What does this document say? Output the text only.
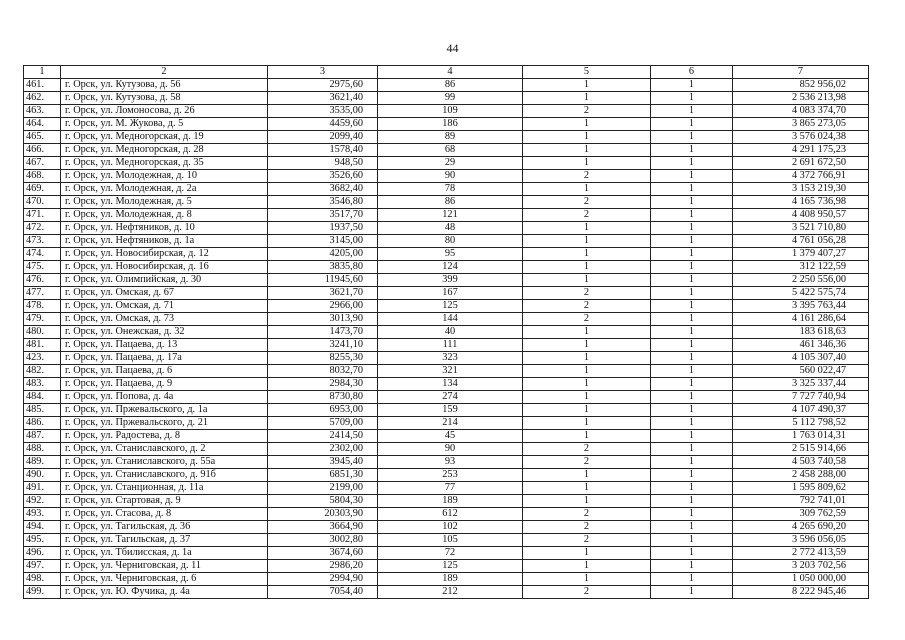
44
1	2	3	4	5	6	7
461.	г. Орск, ул. Кутузова, д. 56	2975,60	86	1	1	852 956,02
462.	г. Орск, ул. Кутузова, д. 58	3621,40	99	1	1	2 536 213,98
463.	г. Орск, ул. Ломоносова, д. 26	3535,00	109	2	1	4 083 374,70
464.	г. Орск, ул. М. Жукова, д. 5	4459,60	186	1	1	3 865 273,05
465.	г. Орск, ул. Медногорская, д. 19	2099,40	89	1	1	3 576 024,38
466.	г. Орск, ул. Медногорская, д. 28	1578,40	68	1	1	4 291 175,23
467.	г. Орск, ул. Медногорская, д. 35	948,50	29	1	1	2 691 672,50
468.	г. Орск, ул. Молодежная, д. 10	3526,60	90	2	1	4 372 766,91
469.	г. Орск, ул. Молодежная, д. 2а	3682,40	78	1	1	3 153 219,30
470.	г. Орск, ул. Молодежная, д. 5	3546,80	86	2	1	4 165 736,98
471.	г. Орск, ул. Молодежная, д. 8	3517,70	121	2	1	4 408 950,57
472.	г. Орск, ул. Нефтяников, д. 10	1937,50	48	1	1	3 521 710,80
473.	г. Орск, ул. Нефтяников, д. 1а	3145,00	80	1	1	4 761 056,28
474.	г. Орск, ул. Новосибирская, д. 12	4205,00	95	1	1	1 379 407,27
475.	г. Орск, ул. Новосибирская, д. 16	3835,80	124	1	1	312 122,59
476.	г. Орск, ул. Олимпийская, д. 30	11945,60	399	1	1	2 250 556,00
477.	г. Орск, ул. Омская, д. 67	3621,70	167	2	1	5 422 575,74
478.	г. Орск, ул. Омская, д. 71	2966,00	125	2	1	3 395 763,44
479.	г. Орск, ул. Омская, д. 73	3013,90	144	2	1	4 161 286,64
480.	г. Орск, ул. Онежская, д. 32	1473,70	40	1	1	183 618,63
481.	г. Орск, ул. Пацаева, д. 13	3241,10	111	1	1	461 346,36
423.	г. Орск, ул. Пацаева, д. 17а	8255,30	323	1	1	4 105 307,40
482.	г. Орск, ул. Пацаева, д. 6	8032,70	321	1	1	560 022,47
483.	г. Орск, ул. Пацаева, д. 9	2984,30	134	1	1	3 325 337,44
484.	г. Орск, ул. Попова, д. 4а	8730,80	274	1	1	7 727 740,94
485.	г. Орск, ул. Пржевальского, д. 1а	6953,00	159	1	1	4 107 490,37
486.	г. Орск, ул. Пржевальского, д. 21	5709,00	214	1	1	5 112 798,52
487.	г. Орск, ул. Радостева, д. 8	2414,50	45	1	1	1 763 014,31
488.	г. Орск, ул. Станиславского, д. 2	2302,00	90	2	1	2 515 914,66
489.	г. Орск, ул. Станиславского, д. 55а	3945,40	93	2	1	4 503 740,58
490.	г. Орск, ул. Станиславского, д. 91б	6851,30	253	1	1	2 458 288,00
491.	г. Орск, ул. Станционная, д. 11а	2199,00	77	1	1	1 595 809,62
492.	г. Орск, ул. Стартовая, д. 9	5804,30	189	1	1	792 741,01
493.	г. Орск, ул. Стасова, д. 8	20303,90	612	2	1	309 762,59
494.	г. Орск, ул. Тагильская, д. 36	3664,90	102	2	1	4 265 690,20
495.	г. Орск, ул. Тагильская, д. 37	3002,80	105	2	1	3 596 056,05
496.	г. Орск, ул. Тбилисская, д. 1а	3674,60	72	1	1	2 772 413,59
497.	г. Орск, ул. Черниговская, д. 11	2986,20	125	1	1	3 203 702,56
498.	г. Орск, ул. Черниговская, д. 6	2994,90	189	1	1	1 050 000,00
499.	г. Орск, ул. Ю. Фучика, д. 4а	7054,40	212	2	1	8 222 945,46
